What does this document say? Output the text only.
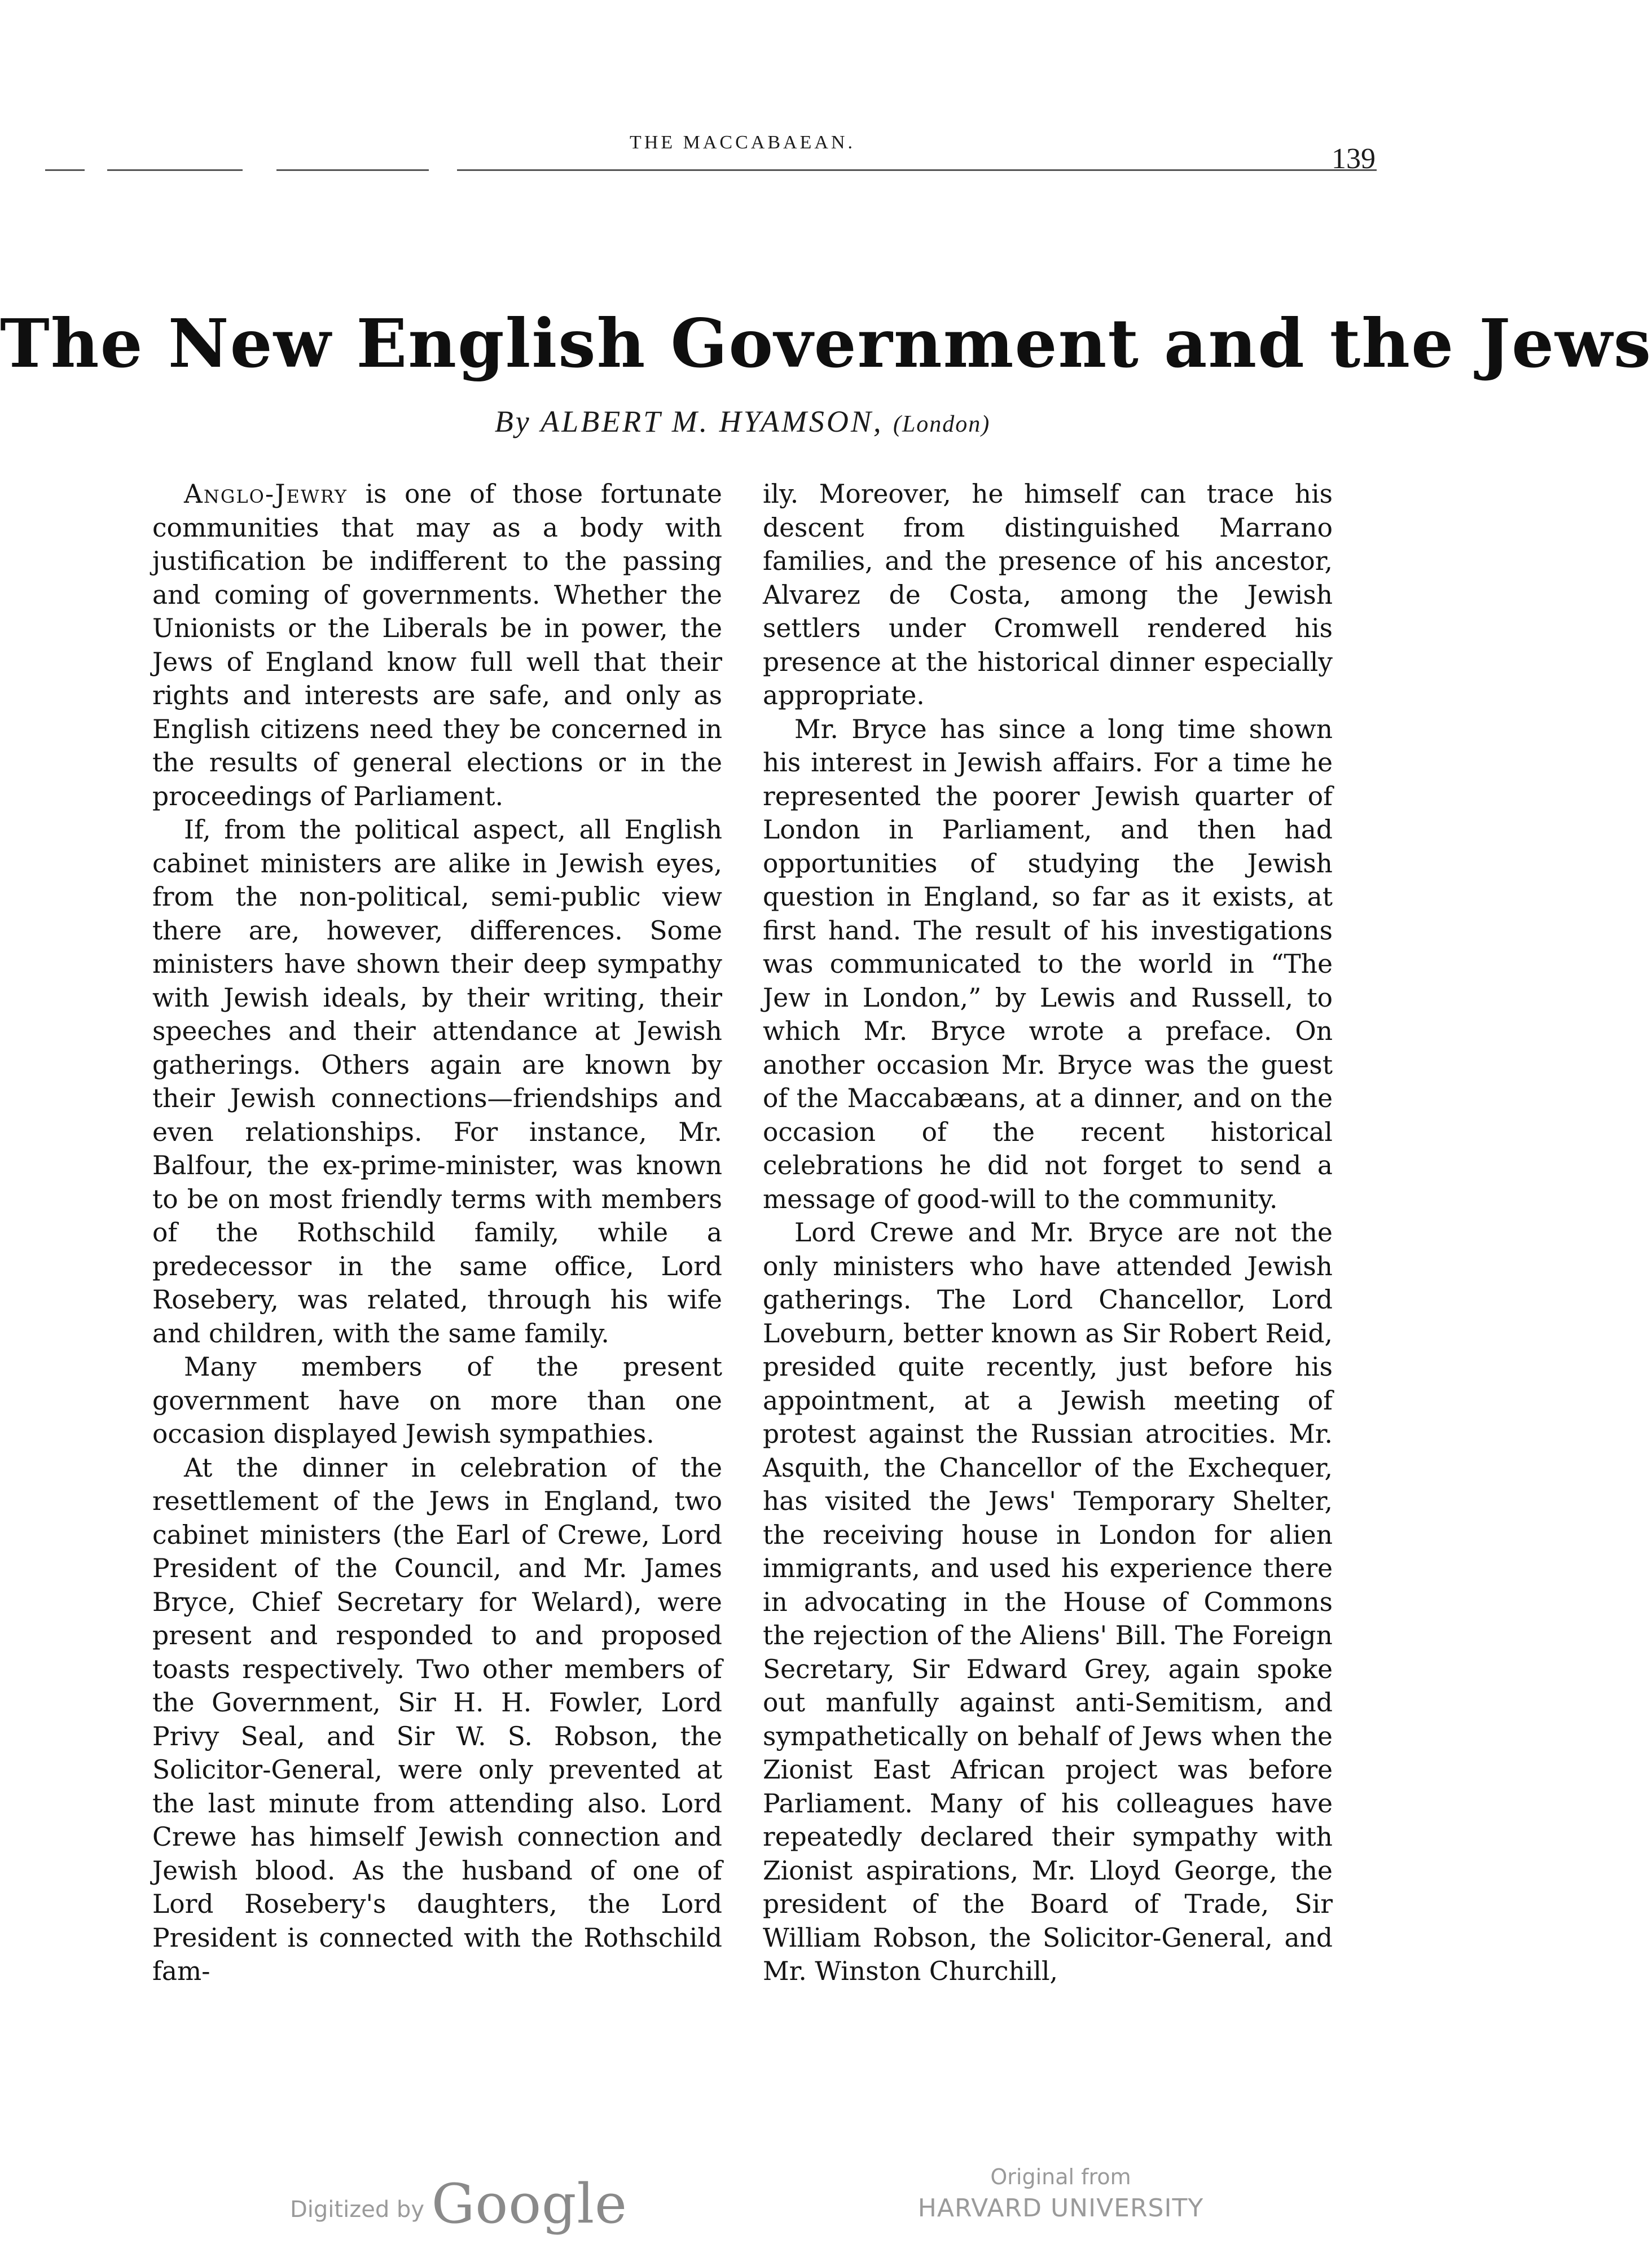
THE MACCABAEAN.
139
The New English Government and the Jews
By ALBERT M. HYAMSON, (London)

Anglo-Jewry is one of those fortunate communities that may as a body with justification be indifferent to the passing and coming of governments. Whether the Unionists or the Liberals be in power, the Jews of England know full well that their rights and interests are safe, and only as English citizens need they be concerned in the results of general elections or in the proceedings of Parliament.

If, from the political aspect, all English cabinet ministers are alike in Jewish eyes, from the non-political, semi-public view there are, however, differences. Some ministers have shown their deep sympathy with Jewish ideals, by their writing, their speeches and their attendance at Jewish gatherings. Others again are known by their Jewish connections—friendships and even relationships. For instance, Mr. Balfour, the ex-prime-minister, was known to be on most friendly terms with members of the Rothschild family, while a predecessor in the same office, Lord Rosebery, was related, through his wife and children, with the same family.

Many members of the present government have on more than one occasion displayed Jewish sympathies.

At the dinner in celebration of the resettlement of the Jews in England, two cabinet ministers (the Earl of Crewe, Lord President of the Council, and Mr. James Bryce, Chief Secretary for Welard), were present and responded to and proposed toasts respectively. Two other members of the Government, Sir H. H. Fowler, Lord Privy Seal, and Sir W. S. Robson, the Solicitor-General, were only prevented at the last minute from attending also. Lord Crewe has himself Jewish connection and Jewish blood. As the husband of one of Lord Rosebery's daughters, the Lord President is connected with the Rothschild fam-

ily. Moreover, he himself can trace his descent from distinguished Marrano families, and the presence of his ancestor, Alvarez de Costa, among the Jewish settlers under Cromwell rendered his presence at the historical dinner especially appropriate.

Mr. Bryce has since a long time shown his interest in Jewish affairs. For a time he represented the poorer Jewish quarter of London in Parliament, and then had opportunities of studying the Jewish question in England, so far as it exists, at first hand. The result of his investigations was communicated to the world in “The Jew in London,” by Lewis and Russell, to which Mr. Bryce wrote a preface. On another occasion Mr. Bryce was the guest of the Maccabæans, at a dinner, and on the occasion of the recent historical celebrations he did not forget to send a message of good-will to the community.

Lord Crewe and Mr. Bryce are not the only ministers who have attended Jewish gatherings. The Lord Chancellor, Lord Loveburn, better known as Sir Robert Reid, presided quite recently, just before his appointment, at a Jewish meeting of protest against the Russian atrocities. Mr. Asquith, the Chancellor of the Exchequer, has visited the Jews' Temporary Shelter, the receiving house in London for alien immigrants, and used his experience there in advocating in the House of Commons the rejection of the Aliens' Bill. The Foreign Secretary, Sir Edward Grey, again spoke out manfully against anti-Semitism, and sympathetically on behalf of Jews when the Zionist East African project was before Parliament. Many of his colleagues have repeatedly declared their sympathy with Zionist aspirations, Mr. Lloyd George, the president of the Board of Trade, Sir William Robson, the Solicitor-General, and Mr. Winston Churchill,

Digitized by Google	Original from
HARVARD UNIVERSITY
